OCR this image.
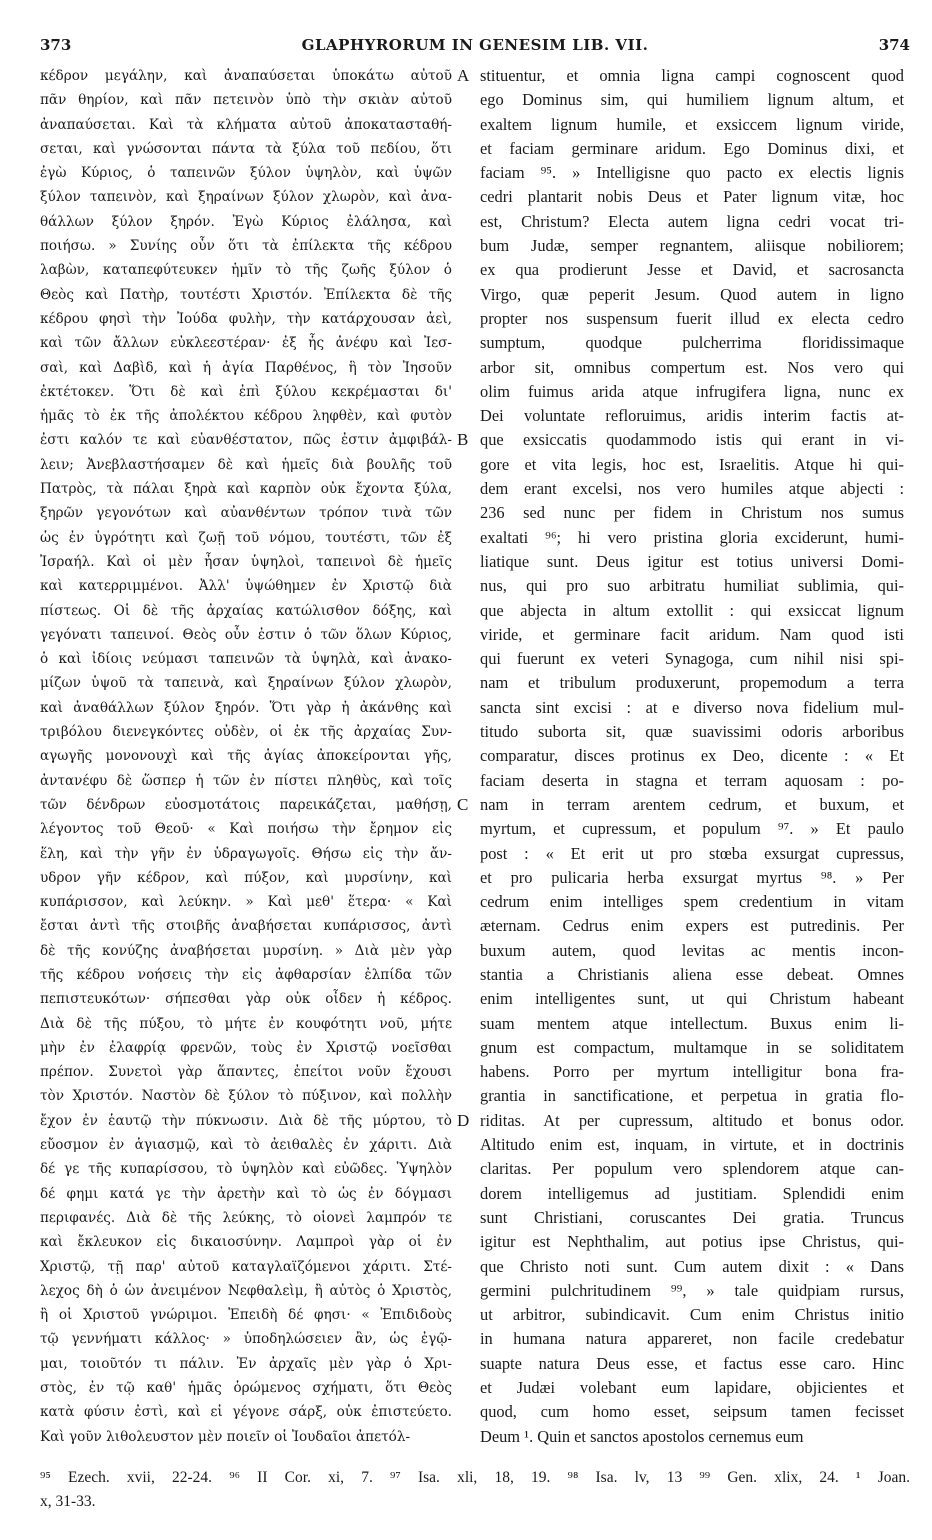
373	GLAPHYRORUM IN GENESIM LIB. VII.	374
κέδρον μεγάλην, καὶ ἀναπαύσεται ὑποκάτω αὐτοῦ
πᾶν θηρίον, καὶ πᾶν πετεινὸν ὑπὸ τὴν σκιὰν αὐτοῦ
ἀναπαύσεται. Καὶ τὰ κλήματα αὐτοῦ ἀποκατασταθή-
σεται, καὶ γνώσονται πάντα τὰ ξύλα τοῦ πεδίου, ὅτι
ἐγὼ Κύριος, ὁ ταπεινῶν ξύλον ὑψηλὸν, καὶ ὑψῶν
ξύλον ταπεινὸν, καὶ ξηραίνων ξύλον χλωρὸν, καὶ ἀνα-
θάλλων ξύλον ξηρόν. Ἐγὼ Κύριος ἐλάλησα, καὶ
ποιήσω. » Συνίης οὖν ὅτι τὰ ἐπίλεκτα τῆς κέδρου
λαβὼν, καταπεφύτευκεν ἡμῖν τὸ τῆς ζωῆς ξύλον ὁ
Θεὸς καὶ Πατὴρ, τουτέστι Χριστόν. Ἐπίλεκτα δὲ τῆς
κέδρου φησὶ τὴν Ἰούδα φυλὴν, τὴν κατάρχουσαν ἀεὶ,
καὶ τῶν ἄλλων εὐκλεεστέραν· ἐξ ἧς ἀνέφυ καὶ Ἰεσ-
σαὶ, καὶ Δαβὶδ, καὶ ἡ ἁγία Παρθένος, ἣ τὸν Ἰησοῦν
ἐκτέτοκεν. Ὅτι δὲ καὶ ἐπὶ ξύλου κεκρέμασται δι'
ἡμᾶς τὸ ἐκ τῆς ἀπολέκτου κέδρου ληφθὲν, καὶ φυτὸν
ἐστι καλόν τε καὶ εὐανθέστατον, πῶς ἐστιν ἀμφιβάλ-
λειν; Ἀνεβλαστήσαμεν δὲ καὶ ἡμεῖς διὰ βουλῆς τοῦ
Πατρὸς, τὰ πάλαι ξηρὰ καὶ καρπὸν οὐκ ἔχοντα ξύλα,
ξηρῶν γεγονότων καὶ αὐανθέντων τρόπον τινὰ τῶν
ὡς ἐν ὑγρότητι καὶ ζωῇ τοῦ νόμου, τουτέστι, τῶν ἐξ
Ἰσραήλ. Καὶ οἱ μὲν ἦσαν ὑψηλοὶ, ταπεινοὶ δὲ ἡμεῖς
καὶ κατερριμμένοι. Ἀλλ' ὑψώθημεν ἐν Χριστῷ διὰ
πίστεως. Οἱ δὲ τῆς ἀρχαίας κατώλισθον δόξης, καὶ
γεγόνατι ταπεινοί. Θεὸς οὖν ἐστιν ὁ τῶν ὅλων Κύριος,
ὁ καὶ ἰδίοις νεύμασι ταπεινῶν τὰ ὑψηλὰ, καὶ ἀνακο-
μίζων ὑψοῦ τὰ ταπεινὰ, καὶ ξηραίνων ξύλον χλωρὸν,
καὶ ἀναθάλλων ξύλον ξηρόν. Ὅτι γὰρ ἡ ἀκάνθης καὶ
τριβόλου διενεγκόντες οὐδὲν, οἱ ἐκ τῆς ἀρχαίας Συν-
αγωγῆς μονονουχὶ καὶ τῆς ἁγίας ἀποκείρονται γῆς,
ἀντανέφυ δὲ ὥσπερ ἡ τῶν ἐν πίστει πληθὺς, καὶ τοῖς
τῶν δένδρων εὐοσμοτάτοις παρεικάζεται, μαθήσῃ,
λέγοντος τοῦ Θεοῦ· « Καὶ ποιήσω τὴν ἔρημον εἰς
ἕλη, καὶ τὴν γῆν ἐν ὑδραγωγοῖς. Θήσω εἰς τὴν ἄν-
υδρον γῆν κέδρον, καὶ πύξον, καὶ μυρσίνην, καὶ
κυπάρισσον, καὶ λεύκην. » Καὶ μεθ' ἕτερα· « Καὶ
ἔσται ἀντὶ τῆς στοιβῆς ἀναβήσεται κυπάρισσος, ἀντὶ
δὲ τῆς κονύζης ἀναβήσεται μυρσίνη. » Διὰ μὲν γὰρ
τῆς κέδρου νοήσεις τὴν εἰς ἀφθαρσίαν ἐλπίδα τῶν
πεπιστευκότων· σήπεσθαι γὰρ οὐκ οἶδεν ἡ κέδρος.
Διὰ δὲ τῆς πύξου, τὸ μήτε ἐν κουφότητι νοῦ, μήτε
μὴν ἐν ἐλαφρίᾳ φρενῶν, τοὺς ἐν Χριστῷ νοεῖσθαι
πρέπον. Συνετοὶ γὰρ ἅπαντες, ἐπείτοι νοῦν ἔχουσι
τὸν Χριστόν. Ναστὸν δὲ ξύλον τὸ πύξινον, καὶ πολλὴν
ἔχον ἐν ἑαυτῷ τὴν πύκνωσιν. Διὰ δὲ τῆς μύρτου, τὸ
εὔοσμον ἐν ἁγιασμῷ, καὶ τὸ ἀειθαλὲς ἐν χάριτι. Διὰ
δέ γε τῆς κυπαρίσσου, τὸ ὑψηλὸν καὶ εὐῶδες. Ὑψηλὸν
δέ φημι κατά γε τὴν ἀρετὴν καὶ τὸ ὡς ἐν δόγμασι
περιφανές. Διὰ δὲ τῆς λεύκης, τὸ οἱονεὶ λαμπρόν τε
καὶ ἔκλευκον εἰς δικαιοσύνην. Λαμπροὶ γὰρ οἱ ἐν
Χριστῷ, τῇ παρ' αὐτοῦ καταγλαϊζόμενοι χάριτι. Στέ-
λεχος δὴ ὁ ὡν ἀνειμένον Νεφθαλεὶμ, ἢ αὐτὸς ὁ Χριστὸς,
ἢ οἱ Χριστοῦ γνώριμοι. Ἐπειδὴ δέ φησι· « Ἐπιδιδοὺς
τῷ γεννήματι κάλλος· » ὑποδηλώσειεν ἂν, ὡς ἐγῷ-
μαι, τοιοῦτόν τι πάλιν. Ἐν ἀρχαῖς μὲν γὰρ ὁ Χρι-
στὸς, ἐν τῷ καθ' ἡμᾶς ὁρώμενος σχήματι, ὅτι Θεὸς
κατὰ φύσιν ἐστὶ, καὶ εἰ γέγονε σάρξ, οὐκ ἐπιστεύετο.
Καὶ γοῦν λιθολευστον μὲν ποιεῖν οἱ Ἰουδαῖοι ἀπετόλ-
stituentur, et omnia ligna campi cognoscent quod
ego Dominus sim, qui humiliem lignum altum, et
exaltem lignum humile, et exsiccem lignum viride,
et faciam germinare aridum. Ego Dominus dixi, et
faciam ⁹⁵. » Intelligisne quo pacto ex electis lignis
cedri plantarit nobis Deus et Pater lignum vitæ, hoc
est, Christum? Electa autem ligna cedri vocat tri-
bum Judæ, semper regnantem, aliisque nobiliorem;
ex qua prodierunt Jesse et David, et sacrosancta
Virgo, quæ peperit Jesum. Quod autem in ligno
propter nos suspensum fuerit illud ex electa cedro
sumptum, quodque pulcherrima floridissimaque
arbor sit, omnibus compertum est. Nos vero qui
olim fuimus arida atque infrugifera ligna, nunc ex
Dei voluntate refloruimus, aridis interim factis at-
que exsiccatis quodammodo istis qui erant in vi-
gore et vita legis, hoc est, Israelitis. Atque hi qui-
dem erant excelsi, nos vero humiles atque abjecti :
236 sed nunc per fidem in Christum nos sumus
exaltati ⁹⁶; hi vero pristina gloria exciderunt, humi-
liatique sunt. Deus igitur est totius universi Domi-
nus, qui pro suo arbitratu humiliat sublimia, qui-
que abjecta in altum extollit : qui exsiccat lignum
viride, et germinare facit aridum. Nam quod isti
qui fuerunt ex veteri Synagoga, cum nihil nisi spi-
nam et tribulum produxerunt, propemodum a terra
sancta sint excisi : at e diverso nova fidelium mul-
titudo suborta sit, quæ suavissimi odoris arboribus
comparatur, disces protinus ex Deo, dicente : « Et
faciam deserta in stagna et terram aquosam : po-
nam in terram arentem cedrum, et buxum, et
myrtum, et cupressum, et populum ⁹⁷. » Et paulo
post : « Et erit ut pro stœba exsurgat cupressus,
et pro pulicaria herba exsurgat myrtus ⁹⁸. » Per
cedrum enim intelliges spem credentium in vitam
æternam. Cedrus enim expers est putredinis. Per
buxum autem, quod levitas ac mentis incon-
stantia a Christianis aliena esse debeat. Omnes
enim intelligentes sunt, ut qui Christum habeant
suam mentem atque intellectum. Buxus enim li-
gnum est compactum, multamque in se soliditatem
habens. Porro per myrtum intelligitur bona fra-
grantia in sanctificatione, et perpetua in gratia flo-
riditas. At per cupressum, altitudo et bonus odor.
Altitudo enim est, inquam, in virtute, et in doctrinis
claritas. Per populum vero splendorem atque can-
dorem intelligemus ad justitiam. Splendidi enim
sunt Christiani, coruscantes Dei gratia. Truncus
igitur est Nephthalim, aut potius ipse Christus, qui-
que Christo noti sunt. Cum autem dixit : « Dans
germini pulchritudinem ⁹⁹, » tale quidpiam rursus,
ut arbitror, subindicavit. Cum enim Christus initio
in humana natura appareret, non facile credebatur
suapte natura Deus esse, et factus esse caro. Hinc
et Judæi volebant eum lapidare, objicientes et
quod, cum homo esset, seipsum tamen fecisset
Deum ¹. Quin et sanctos apostolos cernemus eum
A
B
C
D
⁹⁵ Ezech. xvii, 22-24. ⁹⁶ II Cor. xi, 7. ⁹⁷ Isa. xli, 18, 19. ⁹⁸ Isa. lv, 13 ⁹⁹ Gen. xlix, 24. ¹ Joan.
x, 31-33.
